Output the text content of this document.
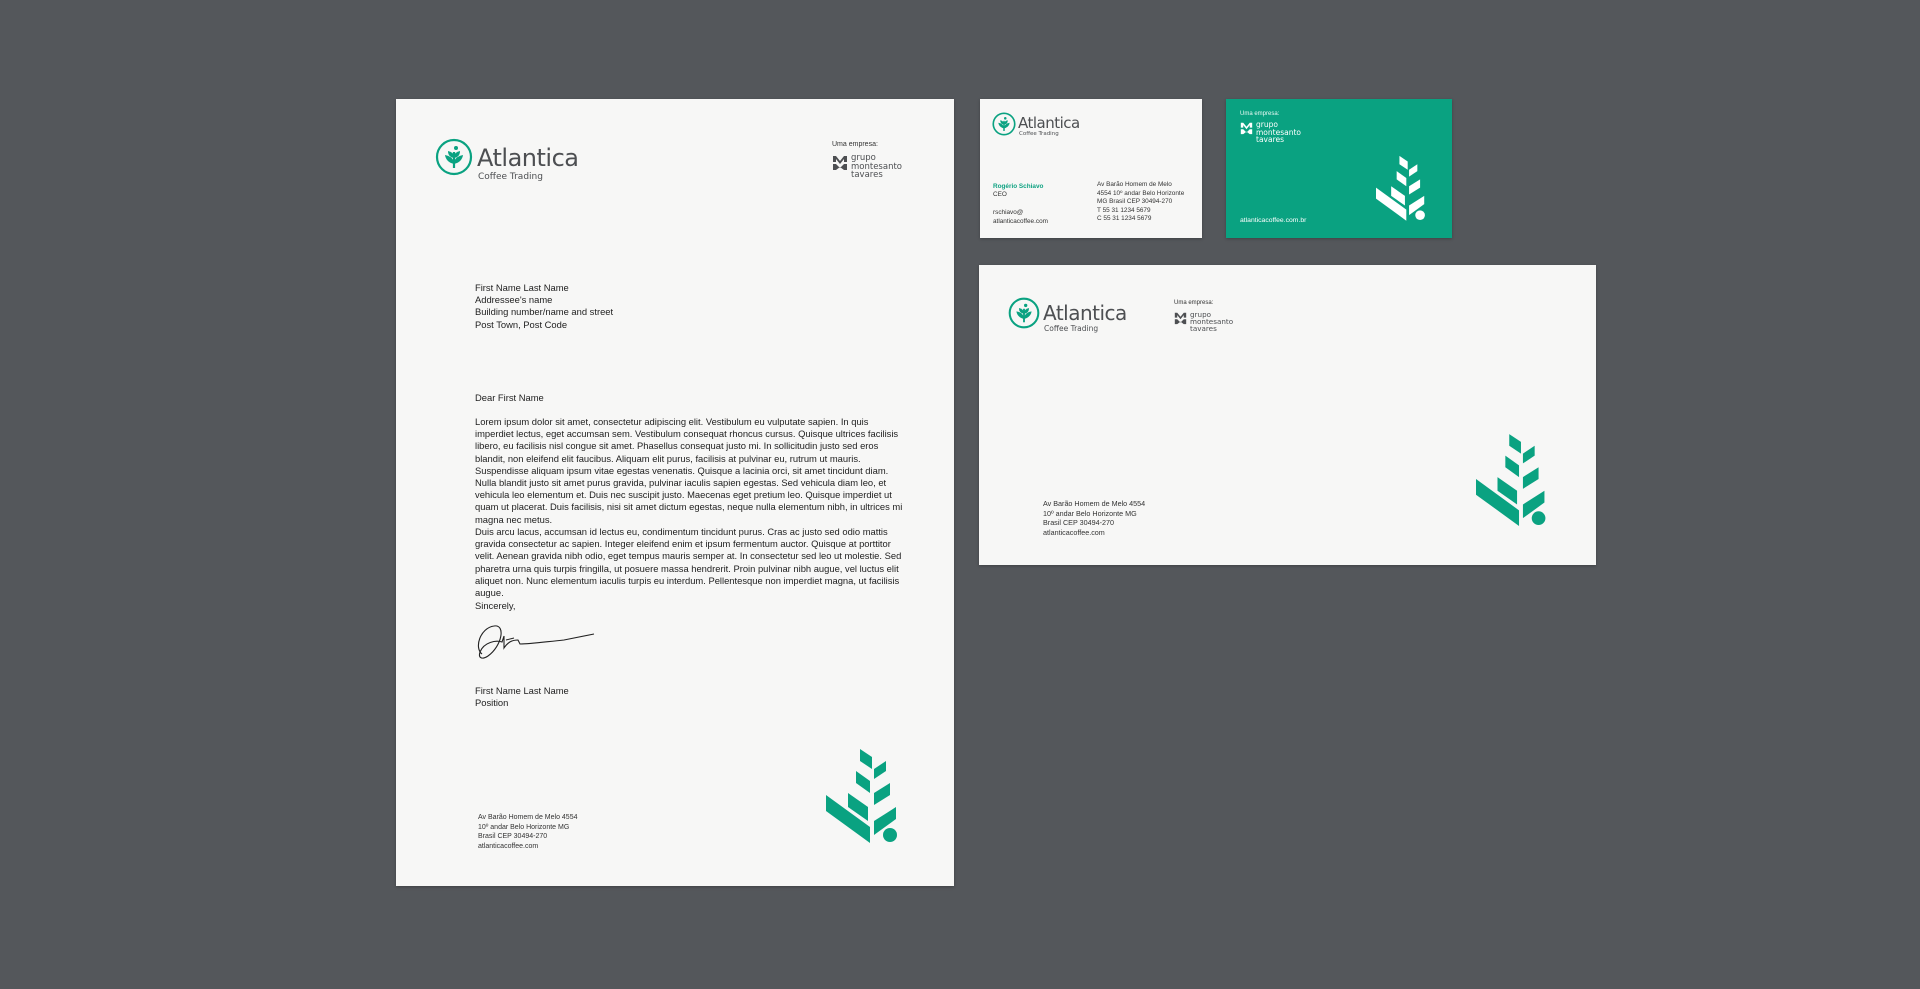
Atlantica
Coffee Trading
Uma empresa:
grupo
montesanto
tavares
First Name Last Name
Addressee's name
Building number/name and street
Post Town, Post Code
Dear First Name
Lorem ipsum dolor sit amet, consectetur adipiscing elit. Vestibulum eu vulputate sapien. In quis imperdiet lectus, eget accumsan sem. Vestibulum consequat rhoncus cursus. Quisque ultrices facilisis libero, eu facilisis nisl congue sit amet. Phasellus consequat justo mi. In sollicitudin justo sed eros blandit, non eleifend elit faucibus. Aliquam elit purus, facilisis at pulvinar eu, rutrum ut mauris. Suspendisse aliquam ipsum vitae egestas venenatis. Quisque a lacinia orci, sit amet tincidunt diam. Nulla blandit justo sit amet purus gravida, pulvinar iaculis sapien egestas. Sed vehicula diam leo, et vehicula leo elementum et. Duis nec suscipit justo. Maecenas eget pretium leo. Quisque imperdiet ut quam ut placerat. Duis facilisis, nisi sit amet dictum egestas, neque nulla elementum nibh, in ultrices mi magna nec metus.
Duis arcu lacus, accumsan id lectus eu, condimentum tincidunt purus. Cras ac justo sed odio mattis gravida consectetur ac sapien. Integer eleifend enim et ipsum fermentum auctor. Quisque at porttitor velit. Aenean gravida nibh odio, eget tempus mauris semper at. In consectetur sed leo ut molestie. Sed pharetra urna quis turpis fringilla, ut posuere massa hendrerit. Proin pulvinar nibh augue, vel luctus elit aliquet non. Nunc elementum iaculis turpis eu interdum. Pellentesque non imperdiet magna, ut facilisis augue.
Sincerely,
First Name Last Name
Position
Av Barão Homem de Melo 4554
10º andar Belo Horizonte MG
Brasil CEP 30494-270
atlanticacoffee.com
Atlantica
Coffee Trading
Rogério Schiavo
CEO
rschiavo@
atlanticacoffee.com
Av Barão Homem de Melo
4554 10º andar Belo Horizonte
MG Brasil CEP 30494-270
T 55 31 1234 5679
C 55 31 1234 5679
Uma empresa:
grupo
montesanto
tavares
atlanticacoffee.com.br
Atlantica
Coffee Trading
Uma empresa:
grupo
montesanto
tavares
Av Barão Homem de Melo 4554
10º andar Belo Horizonte MG
Brasil CEP 30494-270
atlanticacoffee.com
